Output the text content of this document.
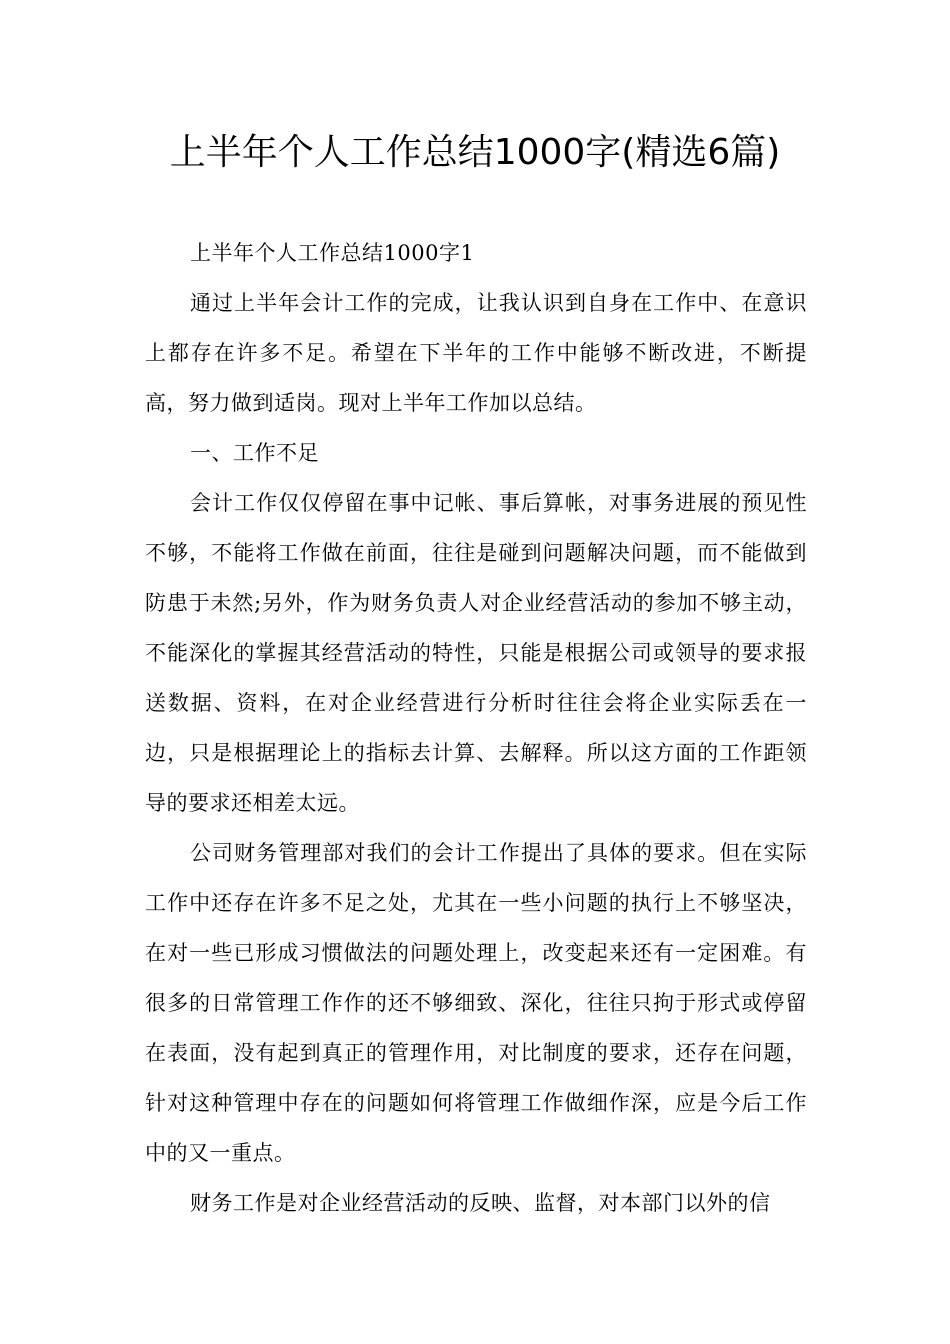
上半年个人工作总结1000字(精选6篇)

上半年个人工作总结1000字1

通过上半年会计工作的完成，让我认识到自身在工作中、在意识上都存在许多不足。希望在下半年的工作中能够不断改进，不断提高，努力做到适岗。现对上半年工作加以总结。

一、工作不足

会计工作仅仅停留在事中记帐、事后算帐，对事务进展的预见性不够，不能将工作做在前面，往往是碰到问题解决问题，而不能做到防患于未然;另外，作为财务负责人对企业经营活动的参加不够主动，不能深化的掌握其经营活动的特性，只能是根据公司或领导的要求报送数据、资料，在对企业经营进行分析时往往会将企业实际丢在一边，只是根据理论上的指标去计算、去解释。所以这方面的工作距领导的要求还相差太远。

公司财务管理部对我们的会计工作提出了具体的要求。但在实际工作中还存在许多不足之处，尤其在一些小问题的执行上不够坚决，在对一些已形成习惯做法的问题处理上，改变起来还有一定困难。有很多的日常管理工作作的还不够细致、深化，往往只拘于形式或停留在表面，没有起到真正的管理作用，对比制度的要求，还存在问题，针对这种管理中存在的问题如何将管理工作做细作深，应是今后工作中的又一重点。

财务工作是对企业经营活动的反映、监督，对本部门以外的信
